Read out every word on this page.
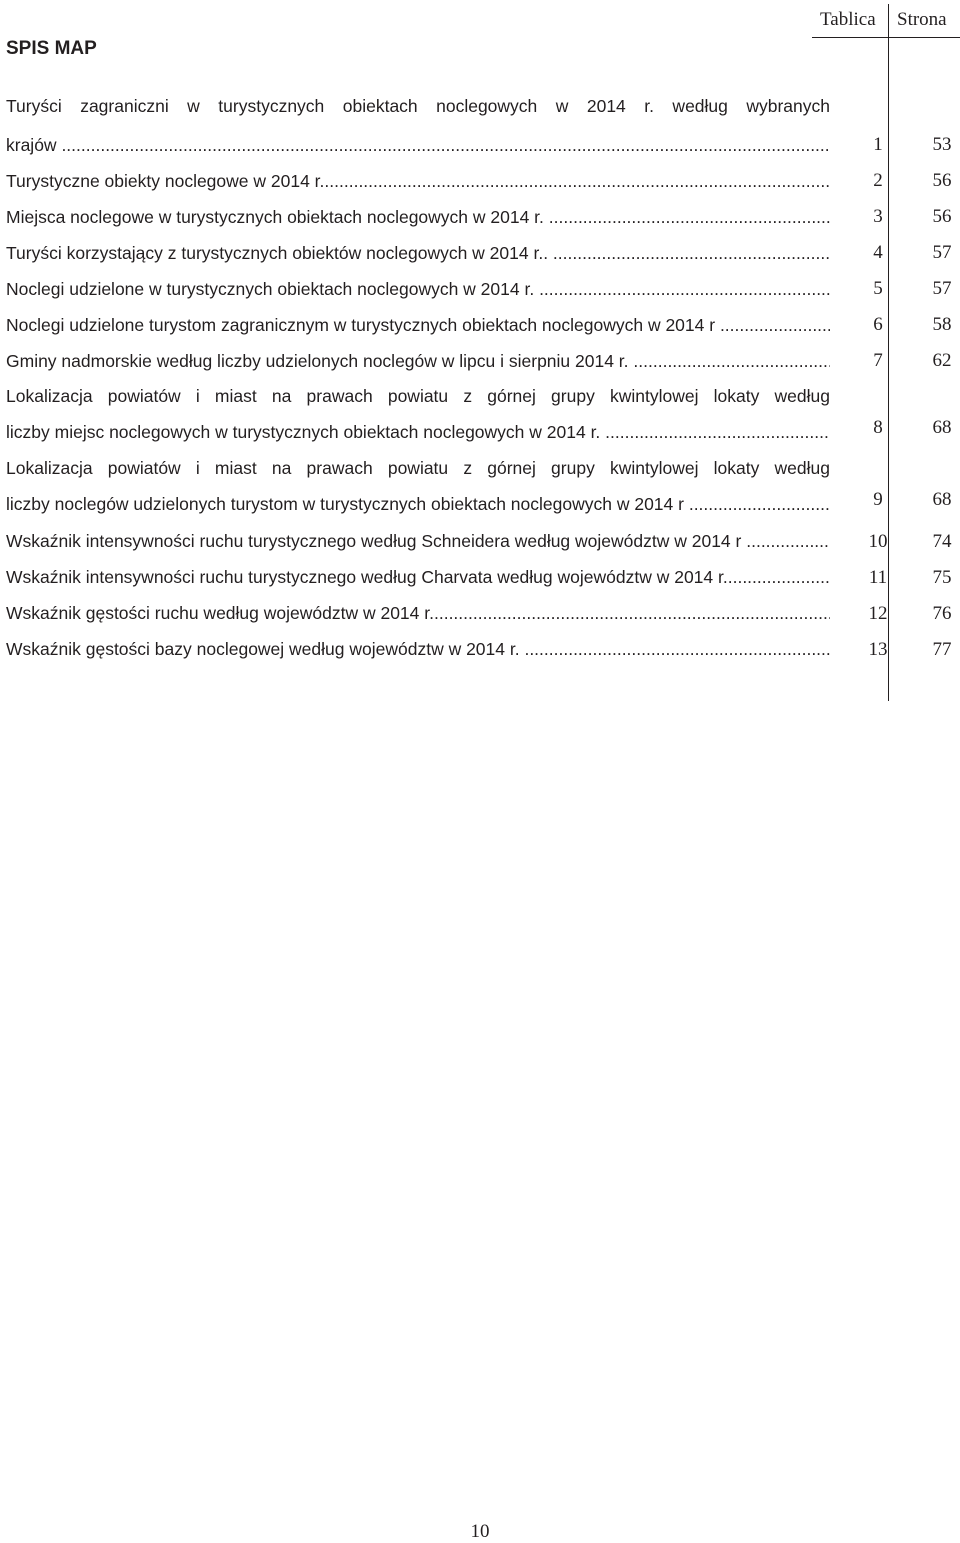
SPIS MAP
Tablica Strona
Turyści zagraniczni w turystycznych obiektach noclegowych w 2014 r. według wybranych
krajów .....	1	53
Turystyczne obiekty noclegowe w 2014 r. .....	2	56
Miejsca noclegowe w turystycznych obiektach noclegowych w 2014 r. .....	3	56
Turyści korzystający z turystycznych obiektów noclegowych w 2014 r.. .....	4	57
Noclegi udzielone w turystycznych obiektach noclegowych w 2014 r. .....	5	57
Noclegi udzielone turystom zagranicznym w turystycznych obiektach noclegowych w 2014 r .....	6	58
Gminy nadmorskie według liczby udzielonych noclegów w lipcu i sierpniu 2014 r. .....	7	62
Lokalizacja powiatów i miast na prawach powiatu z górnej grupy kwintylowej lokaty według
liczby miejsc noclegowych w turystycznych obiektach noclegowych w 2014 r. .....	8	68
Lokalizacja powiatów i miast na prawach powiatu z górnej grupy kwintylowej lokaty według
liczby noclegów udzielonych turystom w turystycznych obiektach noclegowych w 2014 r .....	9	68
Wskaźnik intensywności ruchu turystycznego według Schneidera według województw w 2014 r .....	10	74
Wskaźnik intensywności ruchu turystycznego według Charvata według województw w 2014 r. .....	11	75
Wskaźnik gęstości ruchu według województw w 2014 r. .....	12	76
Wskaźnik gęstości bazy noclegowej według województw w 2014 r. .....	13	77
10
